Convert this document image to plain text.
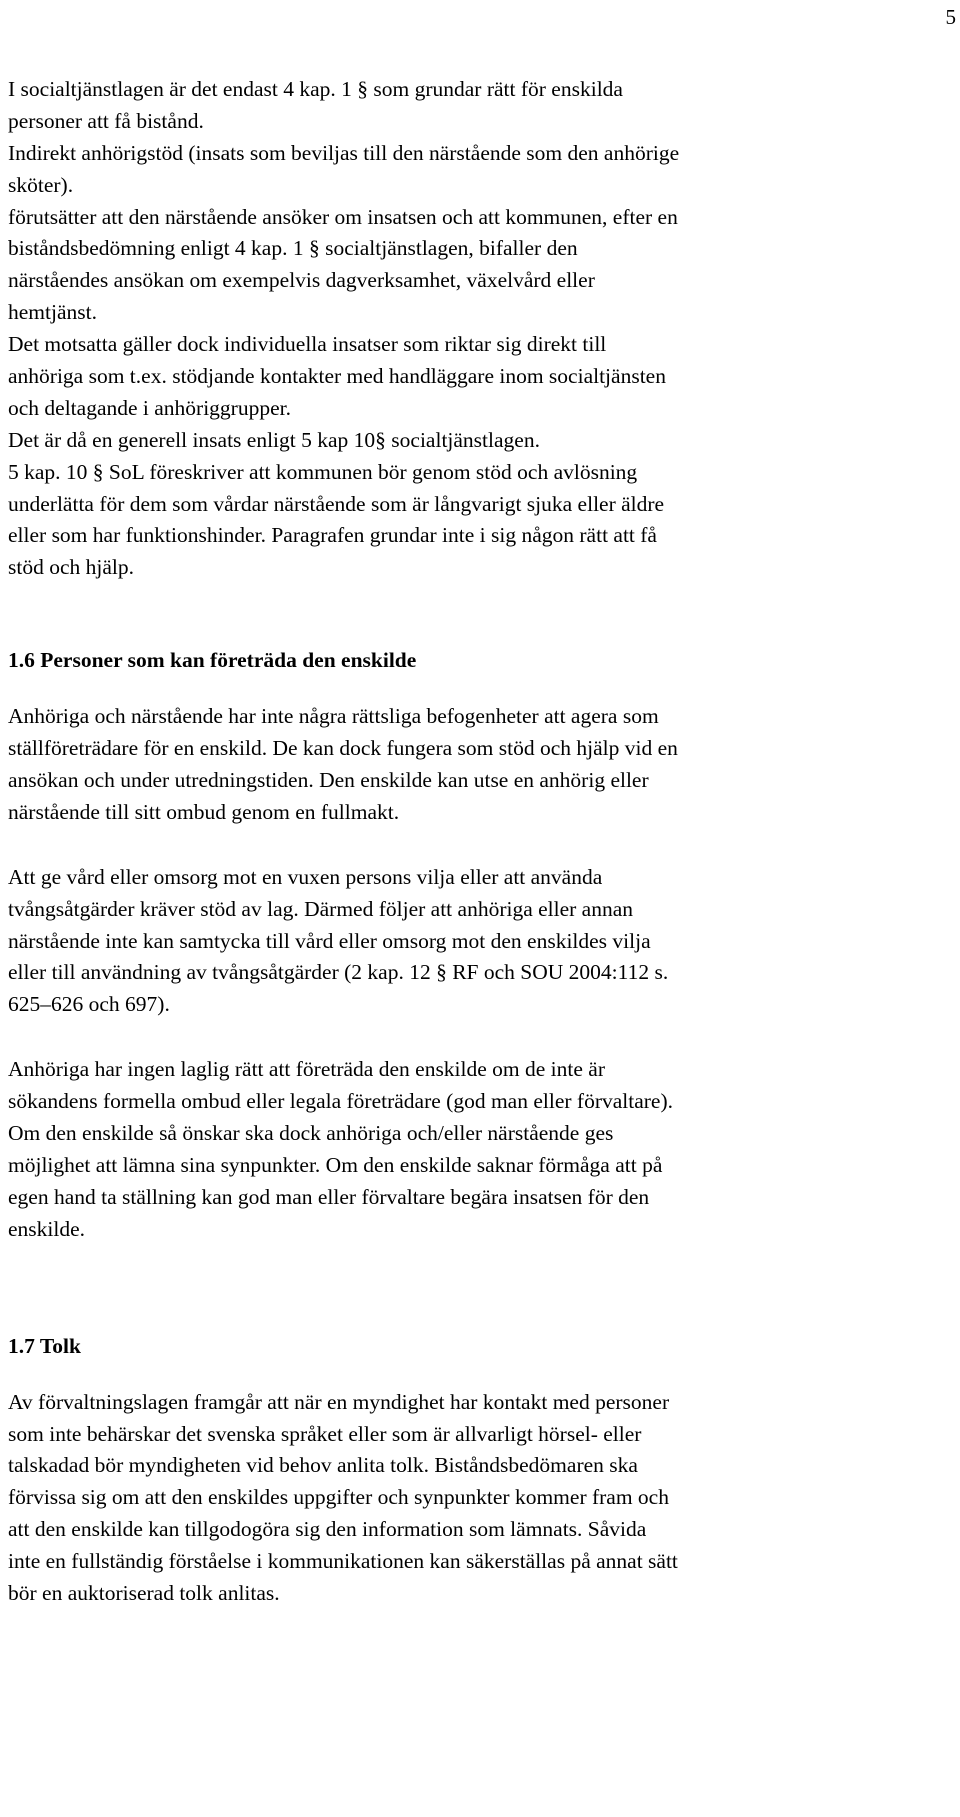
5
I socialtjänstlagen är det endast 4 kap. 1 § som grundar rätt för enskilda
personer att få bistånd.
Indirekt anhörigstöd (insats som beviljas till den närstående som den anhörige
sköter).
förutsätter att den närstående ansöker om insatsen och att kommunen, efter en
biståndsbedömning enligt 4 kap. 1 § socialtjänstlagen, bifaller den
närståendes ansökan om exempelvis dagverksamhet, växelvård eller
hemtjänst.
Det motsatta gäller dock individuella insatser som riktar sig direkt till
anhöriga som t.ex. stödjande kontakter med handläggare inom socialtjänsten
och deltagande i anhöriggrupper.
Det är då en generell insats enligt 5 kap 10§ socialtjänstlagen.
5 kap. 10 § SoL föreskriver att kommunen bör genom stöd och avlösning
underlätta för dem som vårdar närstående som är långvarigt sjuka eller äldre
eller som har funktionshinder. Paragrafen grundar inte i sig någon rätt att få
stöd och hjälp.
1.6 Personer som kan företräda den enskilde
Anhöriga och närstående har inte några rättsliga befogenheter att agera som
ställföreträdare för en enskild. De kan dock fungera som stöd och hjälp vid en
ansökan och under utredningstiden. Den enskilde kan utse en anhörig eller
närstående till sitt ombud genom en fullmakt.
Att ge vård eller omsorg mot en vuxen persons vilja eller att använda
tvångsåtgärder kräver stöd av lag. Därmed följer att anhöriga eller annan
närstående inte kan samtycka till vård eller omsorg mot den enskildes vilja
eller till användning av tvångsåtgärder (2 kap. 12 § RF och SOU 2004:112 s.
625–626 och 697).
Anhöriga har ingen laglig rätt att företräda den enskilde om de inte är
sökandens formella ombud eller legala företrädare (god man eller förvaltare).
Om den enskilde så önskar ska dock anhöriga och/eller närstående ges
möjlighet att lämna sina synpunkter. Om den enskilde saknar förmåga att på
egen hand ta ställning kan god man eller förvaltare begära insatsen för den
enskilde.
1.7 Tolk
Av förvaltningslagen framgår att när en myndighet har kontakt med personer
som inte behärskar det svenska språket eller som är allvarligt hörsel- eller
talskadad bör myndigheten vid behov anlita tolk. Biståndsbedömaren ska
förvissa sig om att den enskildes uppgifter och synpunkter kommer fram och
att den enskilde kan tillgodogöra sig den information som lämnats. Såvida
inte en fullständig förståelse i kommunikationen kan säkerställas på annat sätt
bör en auktoriserad tolk anlitas.
